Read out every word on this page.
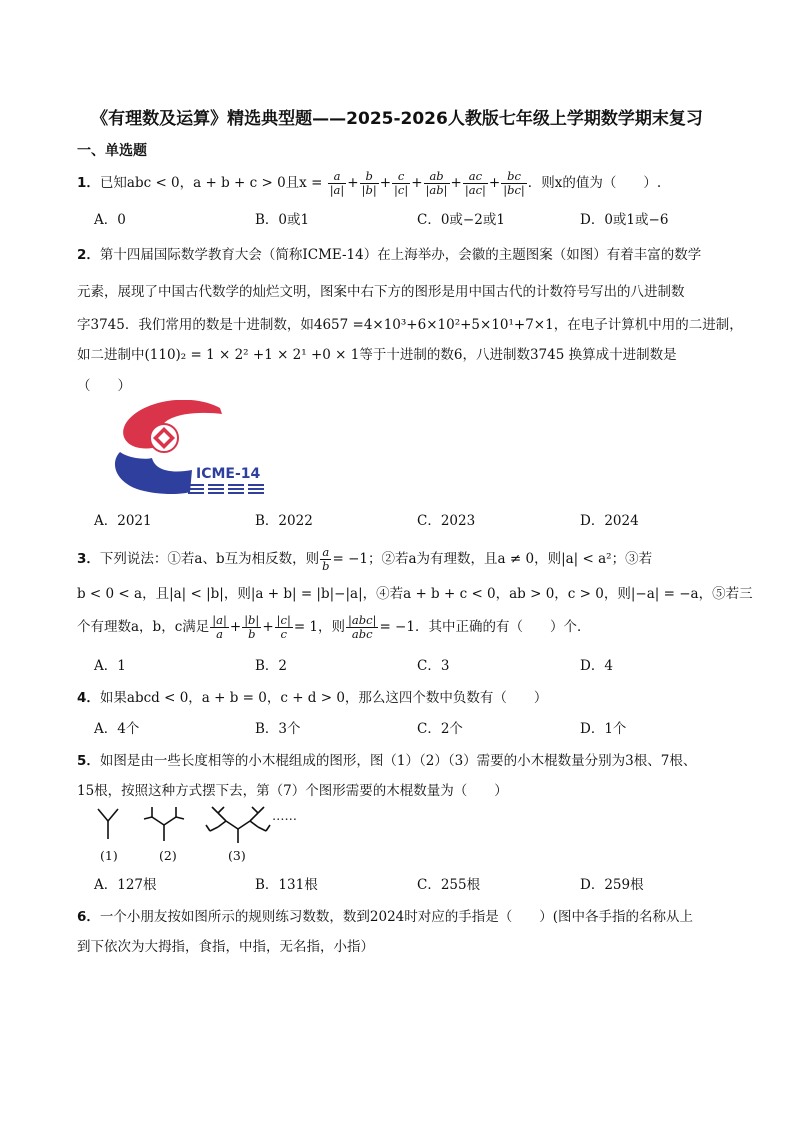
《有理数及运算》精选典型题——2025-2026人教版七年级上学期数学期末复习
一、单选题
1．已知abc < 0，a + b + c > 0且$x = \frac{a}{|a|} + \frac{b}{|b|} + \frac{c}{|c|} + \frac{ab}{|ab|} + \frac{ac}{|ac|} + \frac{bc}{|bc|}$ ．则x的值为（　　）.
A．0	B．0或1	C．0或−2或1	D．0或1或−6
2．第十四届国际数学教育大会（简称ICME-14）在上海举办，会徽的主题图案（如图）有着丰富的数学
元素，展现了中国古代数学的灿烂文明，图案中右下方的图形是用中国古代的计数符号写出的八进制数
字3745．我们常用的数是十进制数，如4657 =4×10³+6×10²+5×10¹+7×1，在电子计算机中用的二进制，
如二进制中(110)₂ = 1 × 2² +1 × 2¹ +0 × 1等于十进制的数6，八进制数3745 换算成十进制数是
（　　）
ICME-14
A．2021	B．2022	C．2023	D．2024
3．下列说法：①若a、b互为相反数，则 $\frac{a}{b} = -1$；②若a为有理数，且a ≠ 0，则|a| < a²；③若
b < 0 < a，且|a| < |b|，则|a + b| = |b|−|a|，④若a + b + c < 0，ab > 0，c > 0，则|−a| = −a，⑤若三
个有理数a，b，c满足 $\frac{|a|}{a} + \frac{|b|}{b} + \frac{|c|}{c} = 1$，则 $\frac{\text{|abc|}}{\text{abc}} = -1$．其中正确的有（　　）个．
A．1	B．2	C．3	D．4
4．如果abcd < 0，a + b = 0，c + d > 0，那么这四个数中负数有（　　）
A．4个	B．3个	C．2个	D．1个
5．如图是由一些长度相等的小木棍组成的图形，图（1）（2）（3）需要的小木棍数量分别为3根、7根、
15根，按照这种方式摆下去，第（7）个图形需要的木棍数量为（　　）
……
(1)	(2)	(3)
A．127根	B．131根	C．255根	D．259根
6．一个小朋友按如图所示的规则练习数数，数到2024时对应的手指是（　　）(图中各手指的名称从上
到下依次为大拇指，食指，中指，无名指，小指）
